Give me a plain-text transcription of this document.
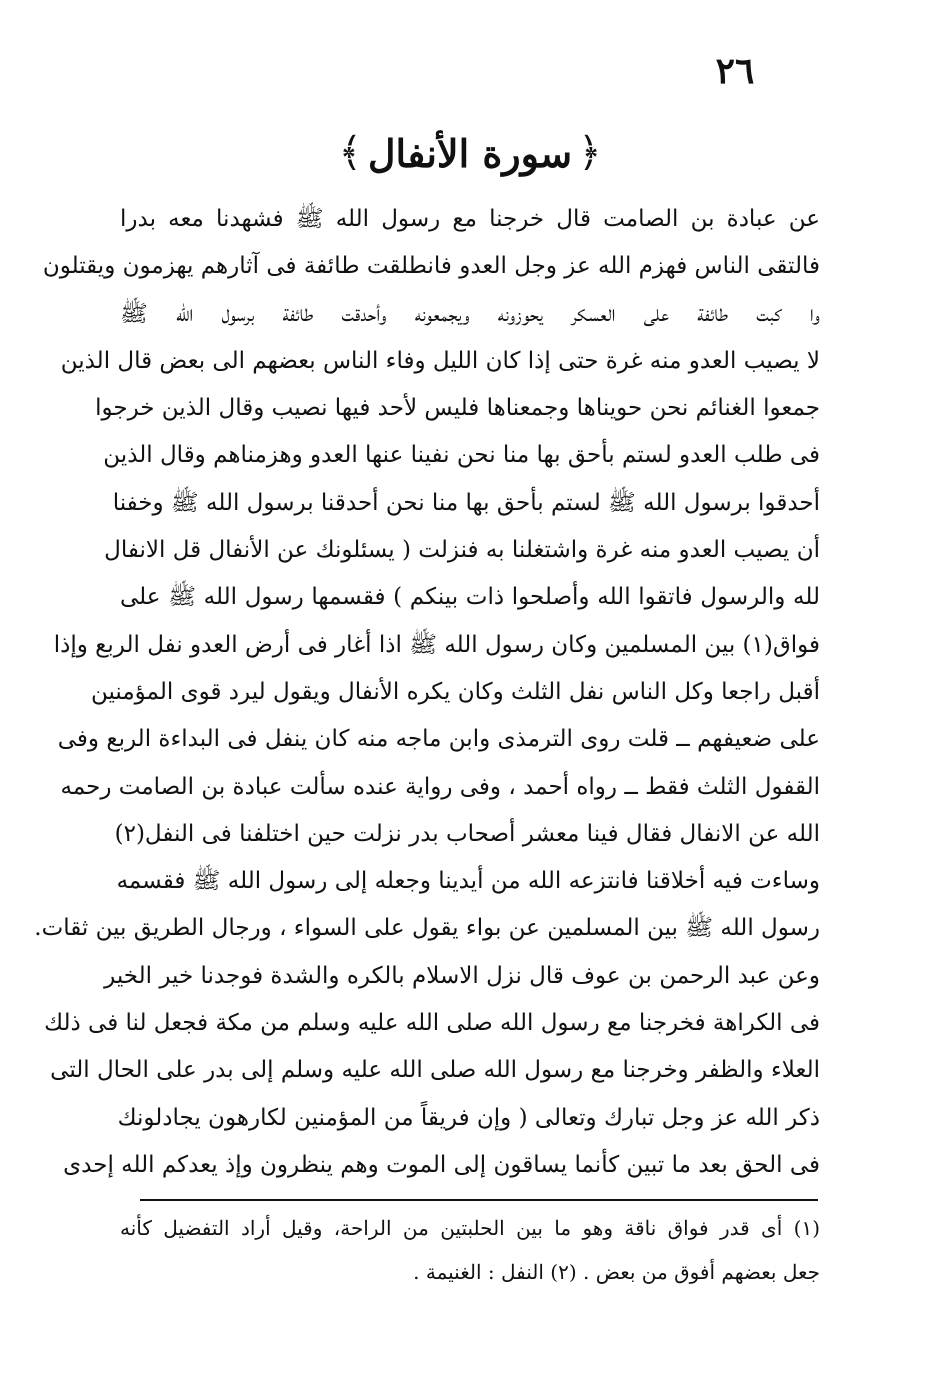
٢٦
﴿
سورة الأنفال
﴾
عن عبادة بن الصامت قال خرجنا مع رسول الله ﷺ فشهدنا معه بدرا
فالتقى الناس فهزم الله عز وجل العدو فانطلقت طائفة فى آثارهم يهزمون ويقتلون
وا كبت طائفة على العسكر يحوزونه ويجمعونه وأحدقت طائفة برسول الله ﷺ
لا يصيب العدو منه غرة حتى إذا كان الليل وفاء الناس بعضهم الى بعض قال الذين
جمعوا الغنائم نحن حويناها وجمعناها فليس لأحد فيها نصيب وقال الذين خرجوا
فى طلب العدو لستم بأحق بها منا نحن نفينا عنها العدو وهزمناهم وقال الذين
أحدقوا برسول الله ﷺ لستم بأحق بها منا نحن أحدقنا برسول الله ﷺ وخفنا
أن يصيب العدو منه غرة واشتغلنا به فنزلت ( يسئلونك عن الأنفال قل الانفال
لله والرسول فاتقوا الله وأصلحوا ذات بينكم ) فقسمها رسول الله ﷺ على
فواق(١) بين المسلمين وكان رسول الله ﷺ اذا أغار فى أرض العدو نفل الربع وإذا
أقبل راجعا وكل الناس نفل الثلث وكان يكره الأنفال ويقول ليرد قوى المؤمنين
على ضعيفهم ــ قلت روى الترمذى وابن ماجه منه كان ينفل فى البداءة الربع وفى
القفول الثلث فقط ــ رواه أحمد ، وفى رواية عنده سألت عبادة بن الصامت رحمه
الله عن الانفال فقال فينا معشر أصحاب بدر نزلت حين اختلفنا فى النفل(٢)
وساءت فيه أخلاقنا فانتزعه الله من أيدينا وجعله إلى رسول الله ﷺ فقسمه
رسول الله ﷺ بين المسلمين عن بواء يقول على السواء ، ورجال الطريق بين ثقات.
وعن عبد الرحمن بن عوف قال نزل الاسلام بالكره والشدة فوجدنا خير الخير
فى الكراهة فخرجنا مع رسول الله صلى الله عليه وسلم من مكة فجعل لنا فى ذلك
العلاء والظفر وخرجنا مع رسول الله صلى الله عليه وسلم إلى بدر على الحال التى
ذكر الله عز وجل تبارك وتعالى ( وإن فريقاً من المؤمنين لكارهون يجادلونك
فى الحق بعد ما تبين كأنما يساقون إلى الموت وهم ينظرون وإذ يعدكم الله إحدى
(١) أى قدر فواق ناقة وهو ما بين الحلبتين من الراحة، وقيل أراد التفضيل كأنه
جعل بعضهم أفوق من بعض . (٢) النفل : الغنيمة .
